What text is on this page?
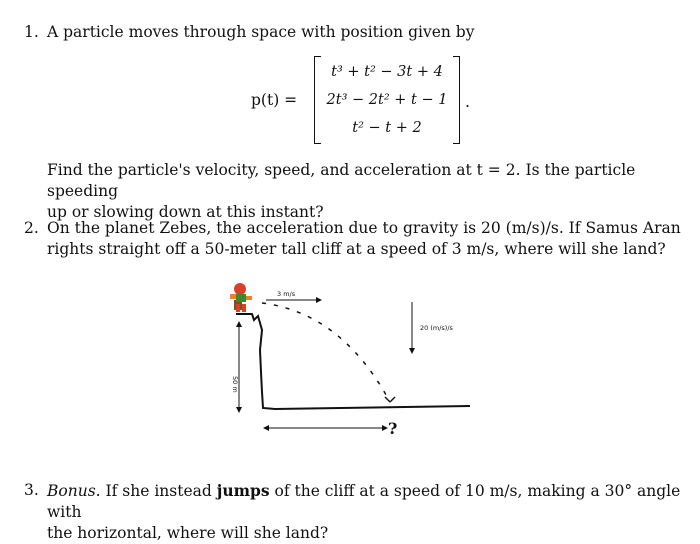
1. A particle moves through space with position given by
p(t) =
t³ + t² − 3t + 4
2t³ − 2t² + t − 1
t² − t + 2
.
Find the particle's velocity, speed, and acceleration at t = 2. Is the particle speeding
up or slowing down at this instant?
2. On the planet Zebes, the acceleration due to gravity is 20 (m/s)/s. If Samus Aran
rights straight off a 50-meter tall cliff at a speed of 3 m/s, where will she land?
3 m/s
20 (m/s)/s
50 m
?
3. Bonus. If she instead jumps of the cliff at a speed of 10 m/s, making a 30° angle with
the horizontal, where will she land?
